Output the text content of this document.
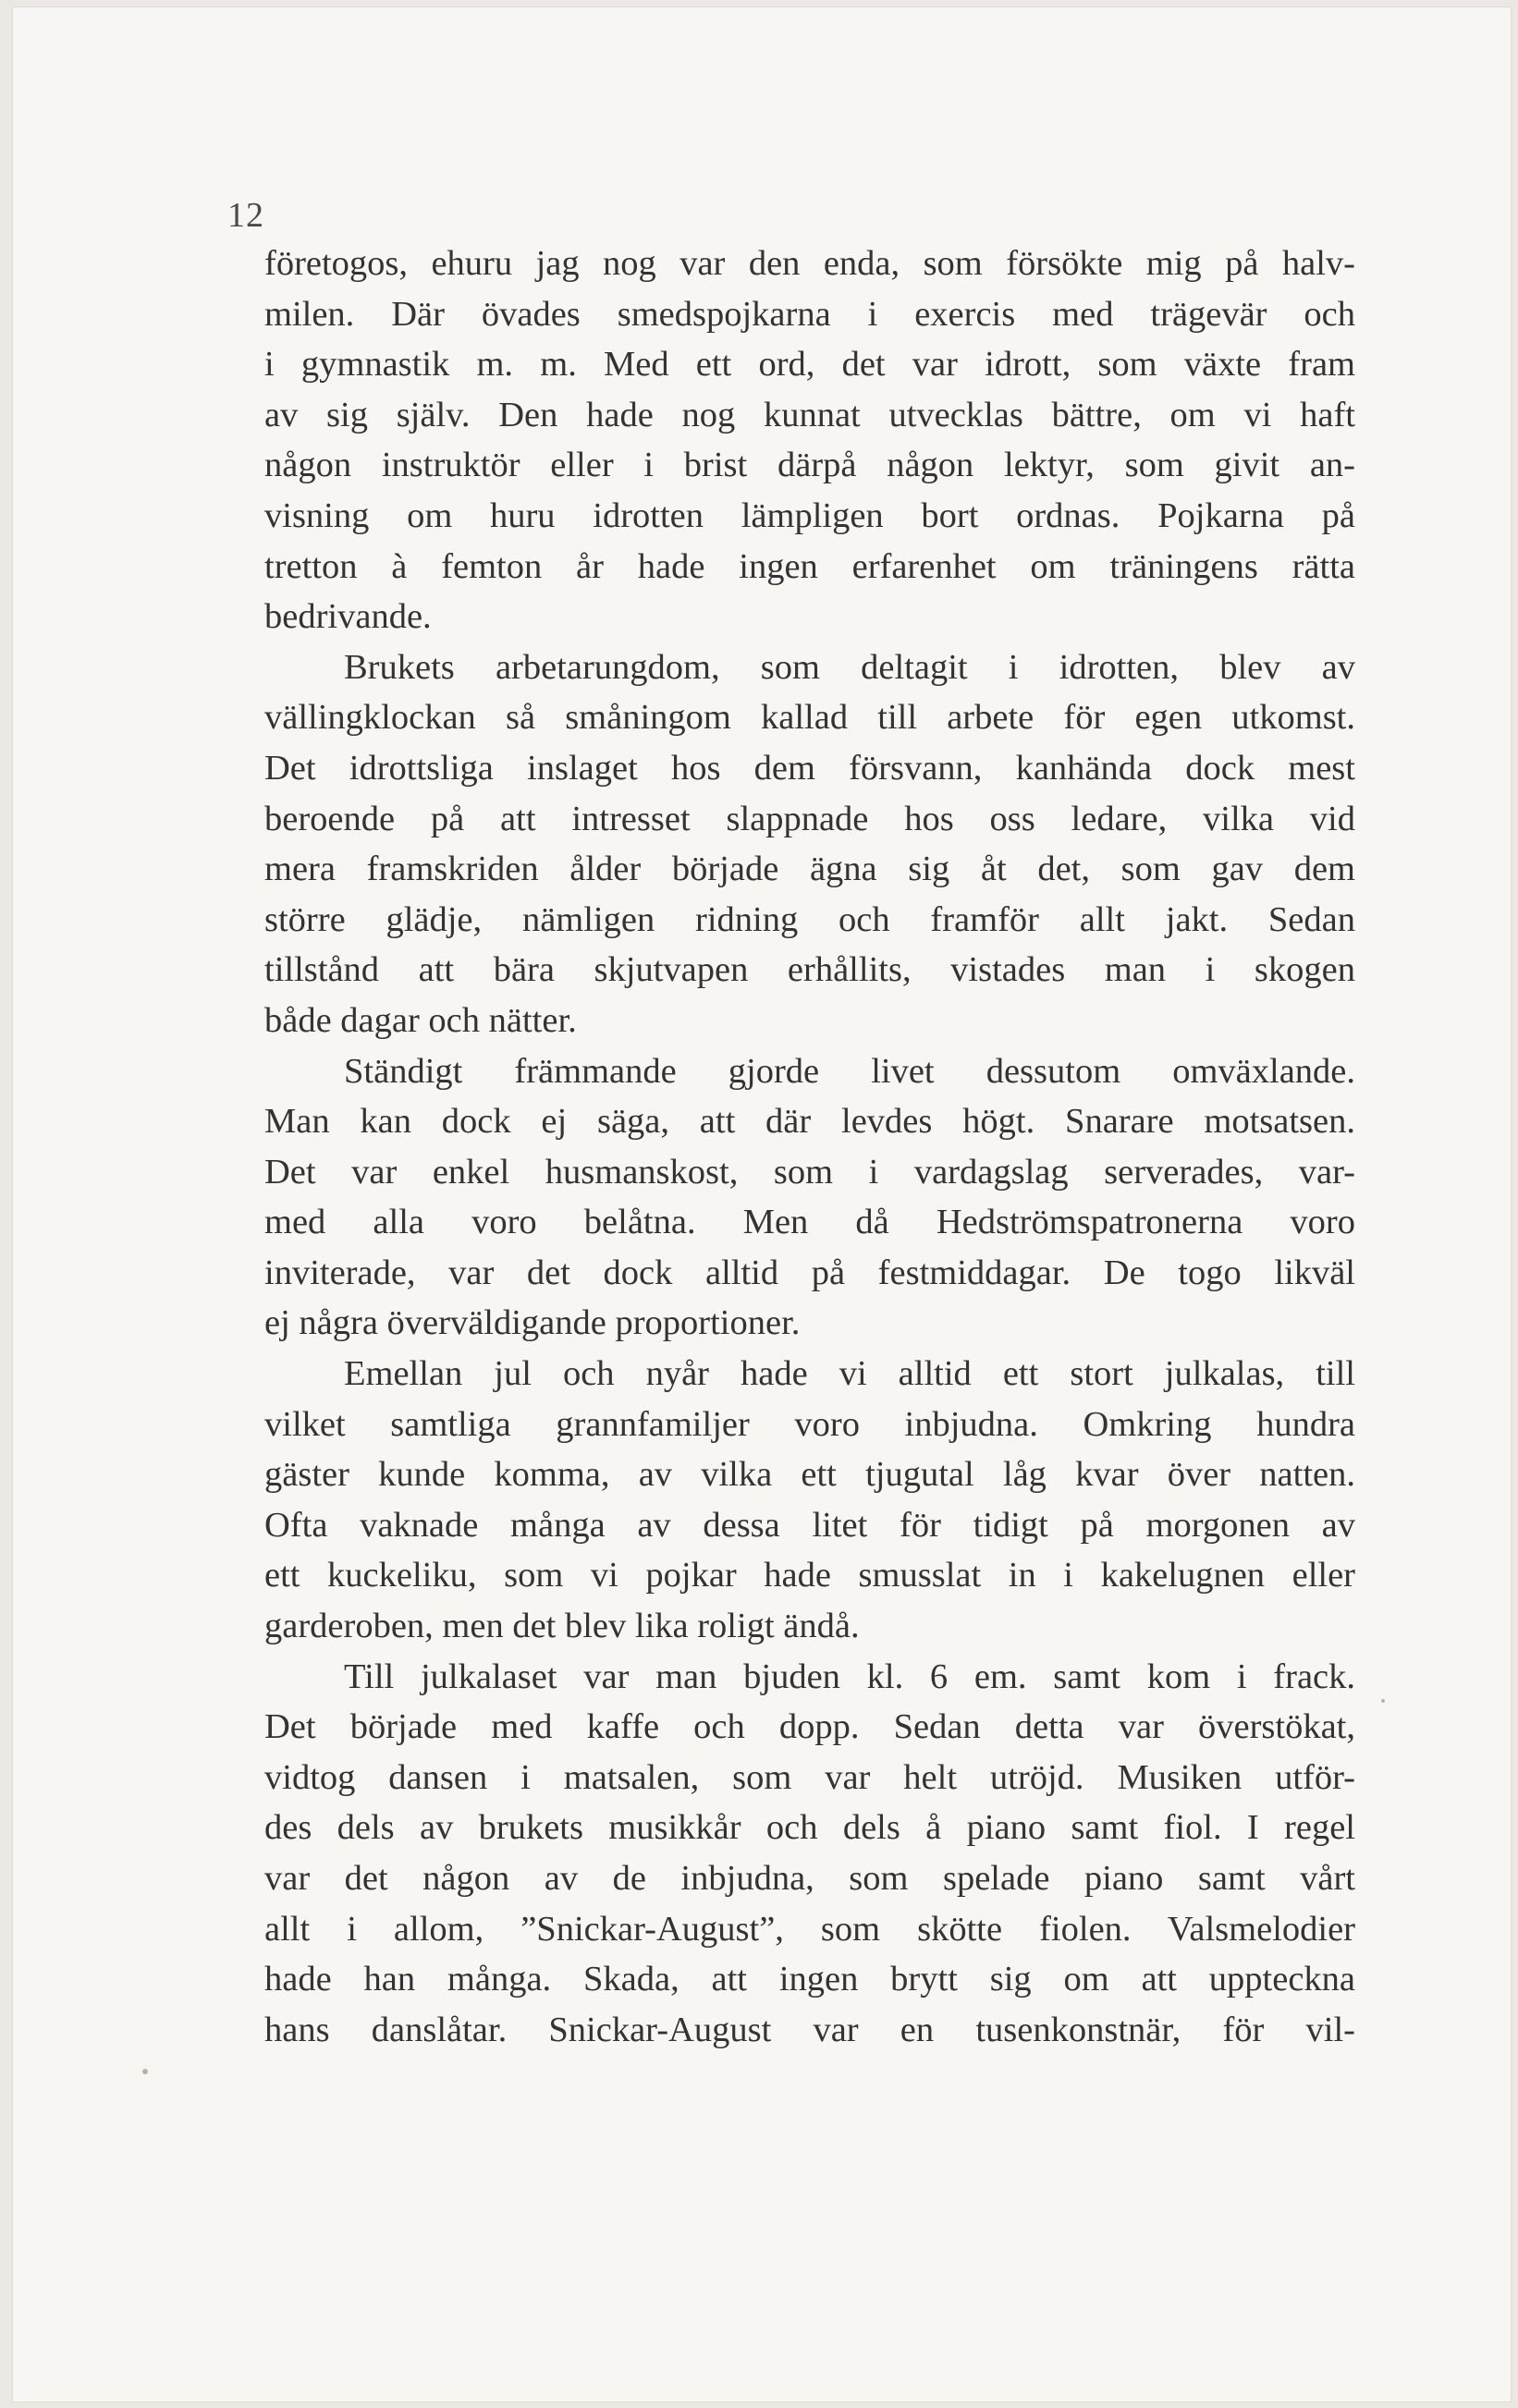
12
företogos, ehuru jag nog var den enda, som försökte mig på halv-
milen. Där övades smedspojkarna i exercis med trägevär och
i gymnastik m. m. Med ett ord, det var idrott, som växte fram
av sig själv. Den hade nog kunnat utvecklas bättre, om vi haft
någon instruktör eller i brist därpå någon lektyr, som givit an-
visning om huru idrotten lämpligen bort ordnas. Pojkarna på
tretton à femton år hade ingen erfarenhet om träningens rätta
bedrivande.
Brukets arbetarungdom, som deltagit i idrotten, blev av
vällingklockan så småningom kallad till arbete för egen utkomst.
Det idrottsliga inslaget hos dem försvann, kanhända dock mest
beroende på att intresset slappnade hos oss ledare, vilka vid
mera framskriden ålder började ägna sig åt det, som gav dem
större glädje, nämligen ridning och framför allt jakt. Sedan
tillstånd att bära skjutvapen erhållits, vistades man i skogen
både dagar och nätter.
Ständigt främmande gjorde livet dessutom omväxlande.
Man kan dock ej säga, att där levdes högt. Snarare motsatsen.
Det var enkel husmanskost, som i vardagslag serverades, var-
med alla voro belåtna. Men då Hedströmspatronerna voro
inviterade, var det dock alltid på festmiddagar. De togo likväl
ej några överväldigande proportioner.
Emellan jul och nyår hade vi alltid ett stort julkalas, till
vilket samtliga grannfamiljer voro inbjudna. Omkring hundra
gäster kunde komma, av vilka ett tjugutal låg kvar över natten.
Ofta vaknade många av dessa litet för tidigt på morgonen av
ett kuckeliku, som vi pojkar hade smusslat in i kakelugnen eller
garderoben, men det blev lika roligt ändå.
Till julkalaset var man bjuden kl. 6 em. samt kom i frack.
Det började med kaffe och dopp. Sedan detta var överstökat,
vidtog dansen i matsalen, som var helt utröjd. Musiken utför-
des dels av brukets musikkår och dels å piano samt fiol. I regel
var det någon av de inbjudna, som spelade piano samt vårt
allt i allom, ”Snickar-August”, som skötte fiolen. Valsmelodier
hade han många. Skada, att ingen brytt sig om att uppteckna
hans danslåtar. Snickar-August var en tusenkonstnär, för vil-
